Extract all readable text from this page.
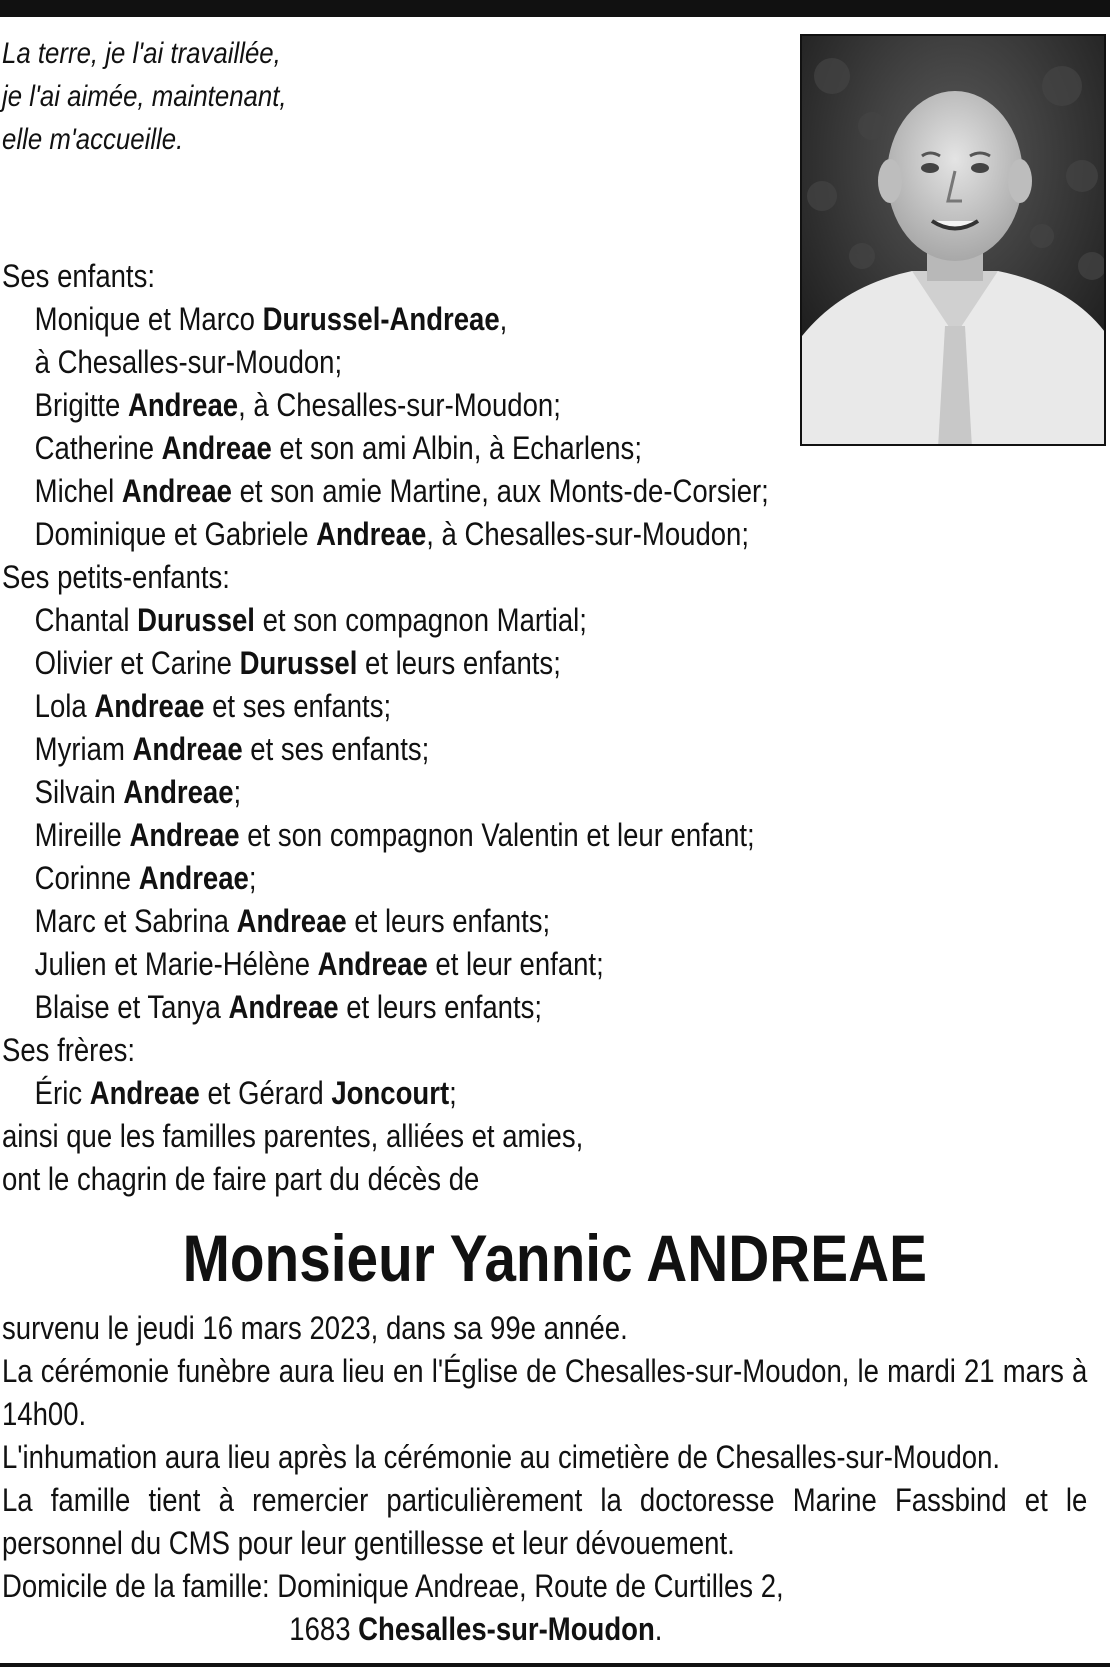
La terre, je l'ai travaillée,
je l'ai aimée, maintenant,
elle m'accueille.
Ses enfants:
Monique et Marco Durussel-Andreae,
à Chesalles-sur-Moudon;
Brigitte Andreae, à Chesalles-sur-Moudon;
Catherine Andreae et son ami Albin, à Echarlens;
Michel Andreae et son amie Martine, aux Monts-de-Corsier;
Dominique et Gabriele Andreae, à Chesalles-sur-Moudon;
Ses petits-enfants:
Chantal Durussel et son compagnon Martial;
Olivier et Carine Durussel et leurs enfants;
Lola Andreae et ses enfants;
Myriam Andreae et ses enfants;
Silvain Andreae;
Mireille Andreae et son compagnon Valentin et leur enfant;
Corinne Andreae;
Marc et Sabrina Andreae et leurs enfants;
Julien et Marie-Hélène Andreae et leur enfant;
Blaise et Tanya Andreae et leurs enfants;
Ses frères:
Éric Andreae et Gérard Joncourt;
ainsi que les familles parentes, alliées et amies,
ont le chagrin de faire part du décès de
Monsieur Yannic ANDREAE

survenu le jeudi 16 mars 2023, dans sa 99e année.

La cérémonie funèbre aura lieu en l'Église de Chesalles-sur-Moudon, le mardi 21 mars à 14h00.

L'inhumation aura lieu après la cérémonie au cimetière de Chesalles-sur-Moudon.

La famille tient à remercier particulièrement la doctoresse Marine Fassbind et le personnel du CMS pour leur gentillesse et leur dévouement.

Domicile de la famille: Dominique Andreae, Route de Curtilles 2,

1683 Chesalles-sur-Moudon.
